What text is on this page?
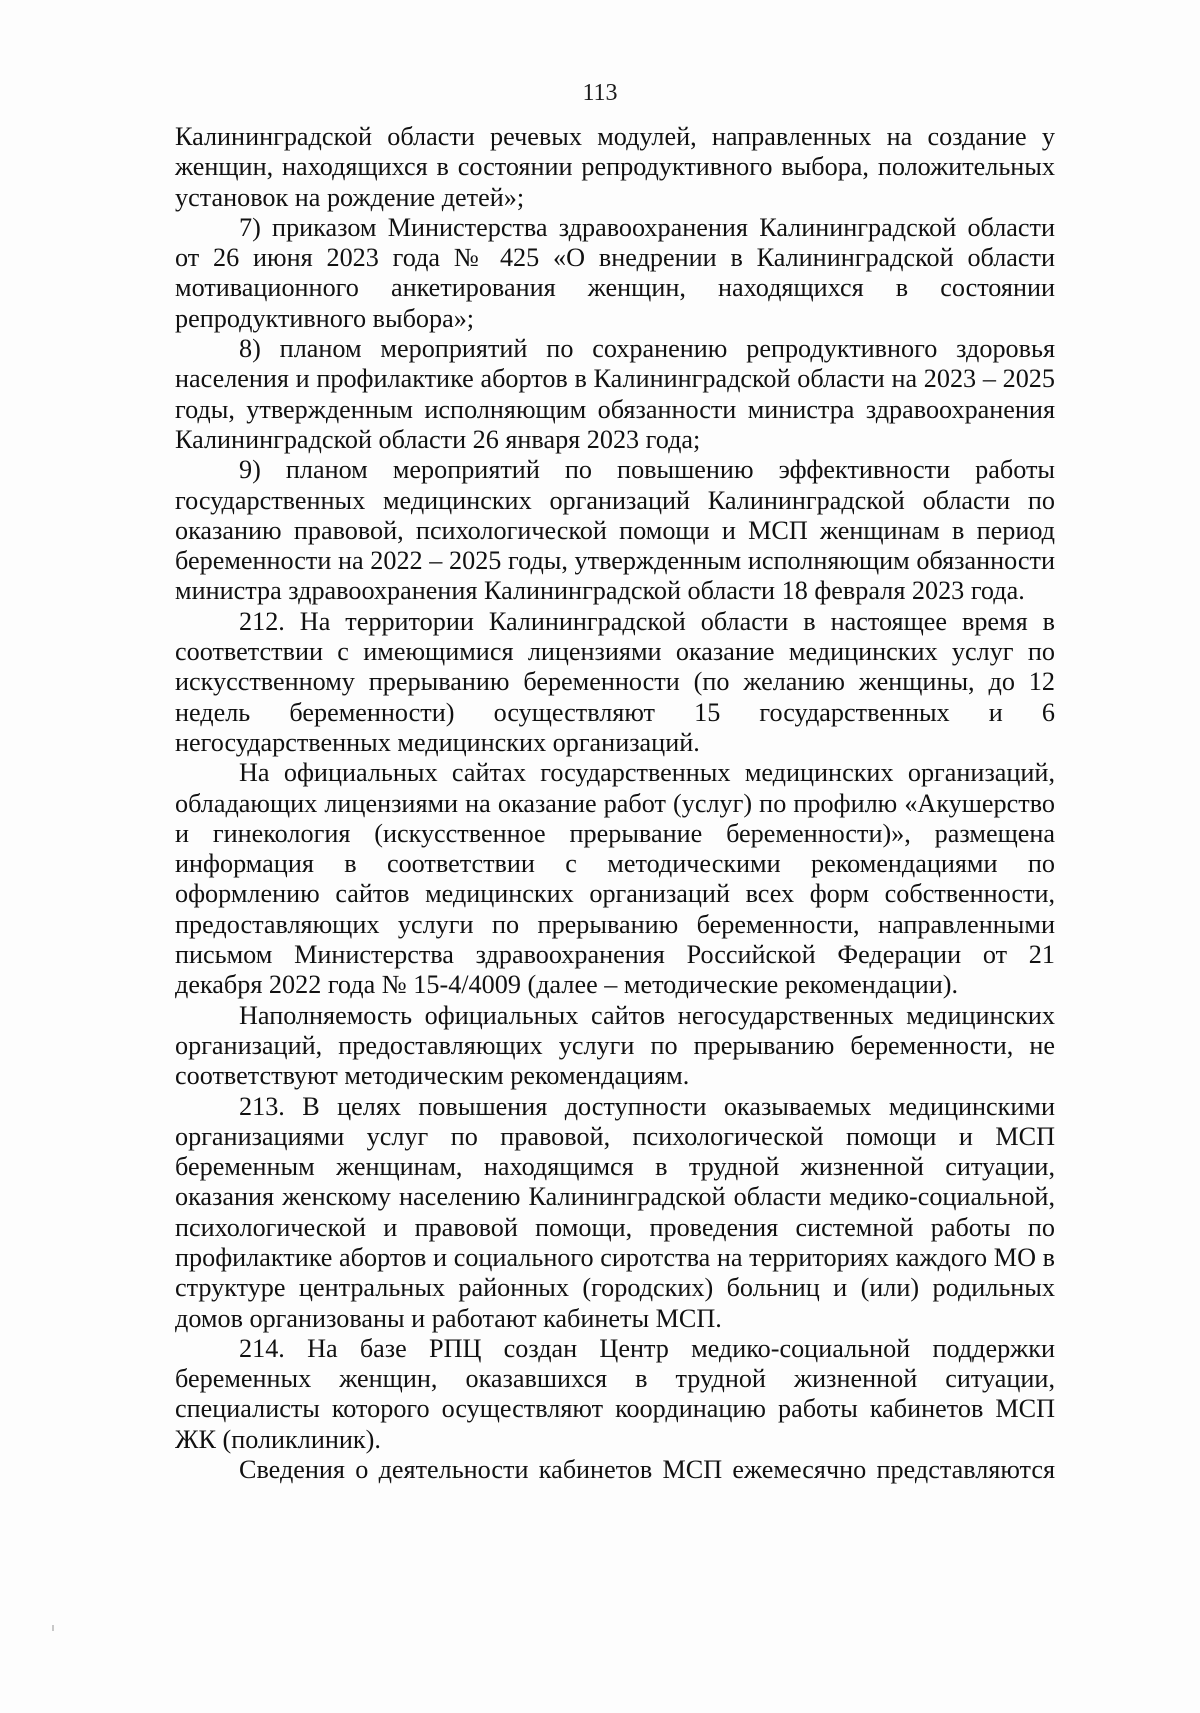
113

Калининградской области речевых модулей, направленных на создание у женщин, находящихся в состоянии репродуктивного выбора, положительных установок на рождение детей»;

7) приказом Министерства здравоохранения Калининградской области от 26 июня 2023 года № 425 «О внедрении в Калининградской области мотивационного анкетирования женщин, находящихся в состоянии репродуктивного выбора»;

8) планом мероприятий по сохранению репродуктивного здоровья населения и профилактике абортов в Калининградской области на 2023 – 2025 годы, утвержденным исполняющим обязанности министра здравоохранения Калининградской области 26 января 2023 года;

9) планом мероприятий по повышению эффективности работы государственных медицинских организаций Калининградской области по оказанию правовой, психологической помощи и МСП женщинам в период беременности на 2022 – 2025 годы, утвержденным исполняющим обязанности министра здравоохранения Калининградской области 18 февраля 2023 года.

212. На территории Калининградской области в настоящее время в соответствии с имеющимися лицензиями оказание медицинских услуг по искусственному прерыванию беременности (по желанию женщины, до 12 недель беременности) осуществляют 15 государственных и 6 негосударственных медицинских организаций.

На официальных сайтах государственных медицинских организаций, обладающих лицензиями на оказание работ (услуг) по профилю «Акушерство и гинекология (искусственное прерывание беременности)», размещена информация в соответствии с методическими рекомендациями по оформлению сайтов медицинских организаций всех форм собственности, предоставляющих услуги по прерыванию беременности, направленными письмом Министерства здравоохранения Российской Федерации от 21 декабря 2022 года № 15-4/4009 (далее – методические рекомендации).

Наполняемость официальных сайтов негосударственных медицинских организаций, предоставляющих услуги по прерыванию беременности, не соответствуют методическим рекомендациям.

213. В целях повышения доступности оказываемых медицинскими организациями услуг по правовой, психологической помощи и МСП беременным женщинам, находящимся в трудной жизненной ситуации, оказания женскому населению Калининградской области медико-социальной, психологической и правовой помощи, проведения системной работы по профилактике абортов и социального сиротства на территориях каждого МО в структуре центральных районных (городских) больниц и (или) родильных домов организованы и работают кабинеты МСП.

214. На базе РПЦ создан Центр медико-социальной поддержки беременных женщин, оказавшихся в трудной жизненной ситуации, специалисты которого осуществляют координацию работы кабинетов МСП ЖК (поликлиник).

Сведения о деятельности кабинетов МСП ежемесячно представляются
